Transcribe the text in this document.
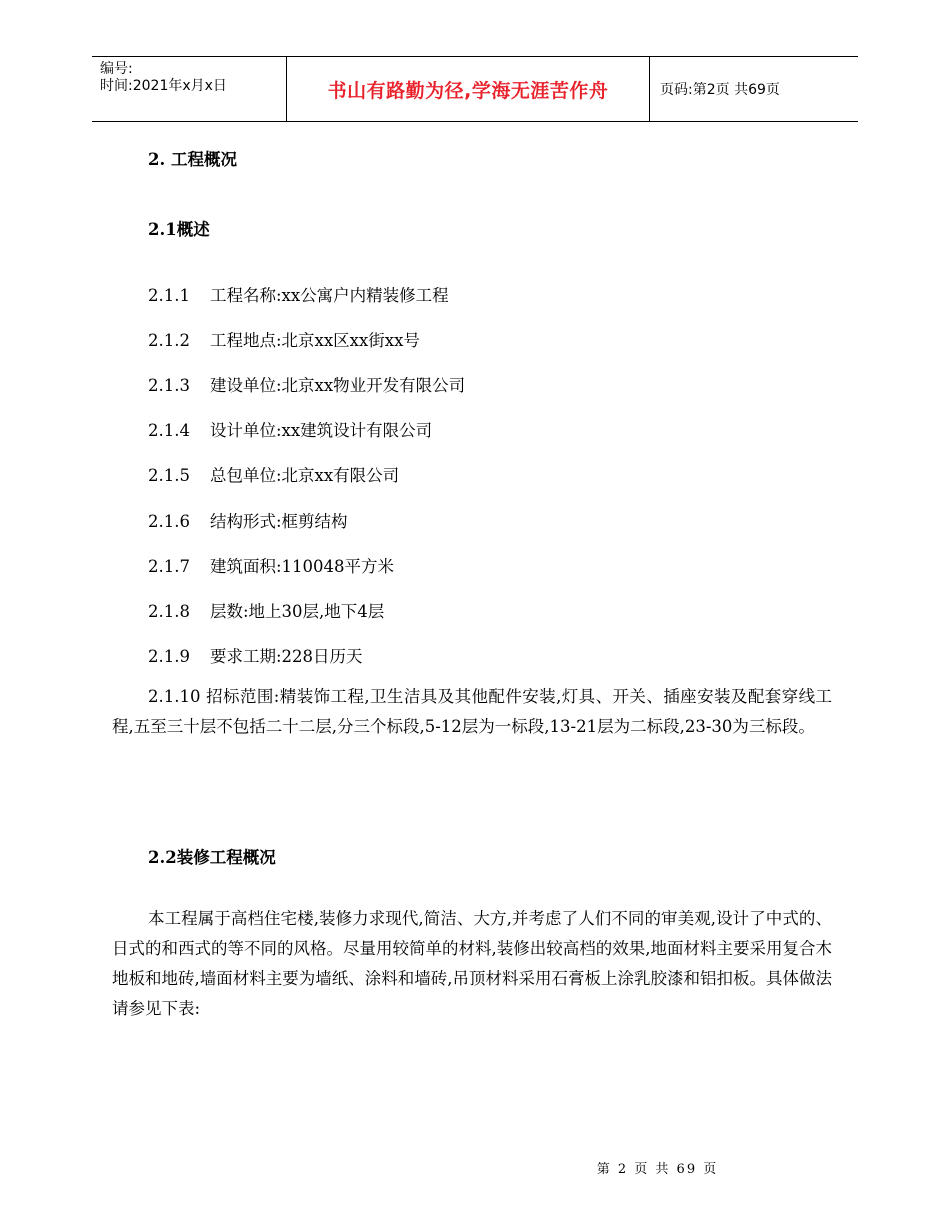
编号:
时间:2021年x月x日	书山有路勤为径,学海无涯苦作舟	页码:第2页 共69页
2. 工程概况
2.1概述
2.1.1 工程名称:xx公寓户内精装修工程
2.1.2 工程地点:北京xx区xx街xx号
2.1.3 建设单位:北京xx物业开发有限公司
2.1.4 设计单位:xx建筑设计有限公司
2.1.5 总包单位:北京xx有限公司
2.1.6 结构形式:框剪结构
2.1.7 建筑面积:110048平方米
2.1.8 层数:地上30层,地下4层
2.1.9 要求工期:228日历天
2.1.10 招标范围:精装饰工程,卫生洁具及其他配件安装,灯具、开关、插座安装及配套穿线工程,五至三十层不包括二十二层,分三个标段,5-12层为一标段,13-21层为二标段,23-30为三标段。
2.2装修工程概况
本工程属于高档住宅楼,装修力求现代,简洁、大方,并考虑了人们不同的审美观,设计了中式的、日式的和西式的等不同的风格。尽量用较简单的材料,装修出较高档的效果,地面材料主要采用复合木地板和地砖,墙面材料主要为墙纸、涂料和墙砖,吊顶材料采用石膏板上涂乳胶漆和铝扣板。具体做法请参见下表:
第 2 页 共 69 页
